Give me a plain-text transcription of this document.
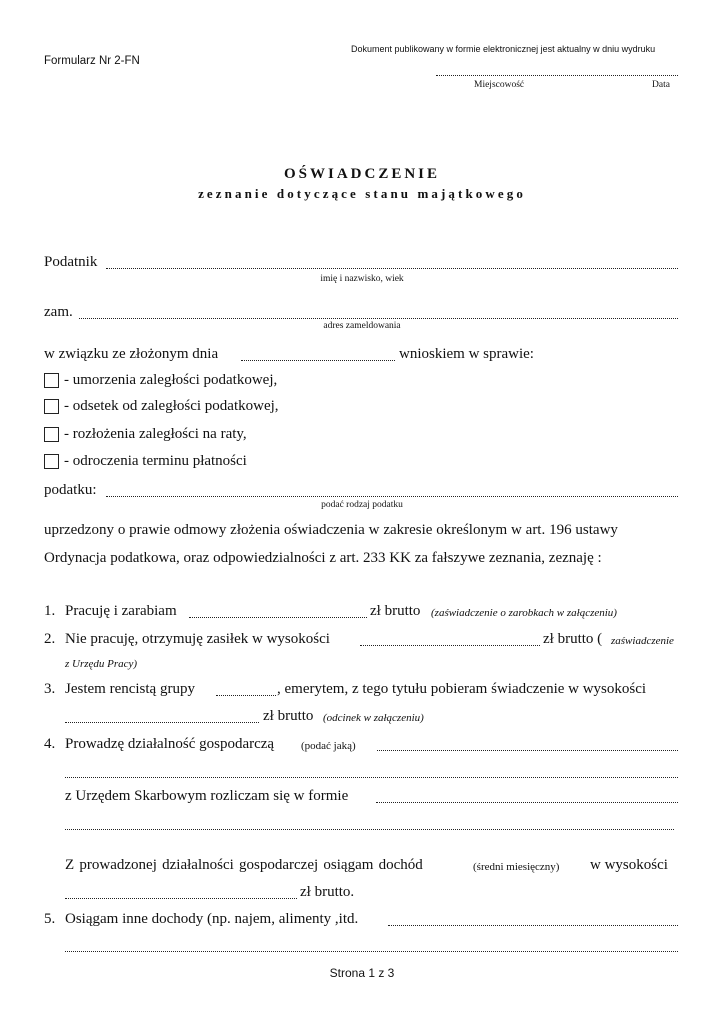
Dokument publikowany w formie elektronicznej jest aktualny w dniu wydruku
Formularz Nr 2-FN
Miejscowość	Data
OŚWIADCZENIE
zeznanie dotyczące stanu majątkowego
Podatnik
imię i nazwisko, wiek
zam.
adres zameldowania
w związku ze złożonym dnia	wnioskiem w sprawie:
- umorzenia zaległości podatkowej,
- odsetek od zaległości podatkowej,
- rozłożenia zaległości na raty,
- odroczenia terminu płatności
podatku:
podać rodzaj podatku
uprzedzony o prawie odmowy złożenia oświadczenia w zakresie określonym w art. 196 ustawy
Ordynacja podatkowa, oraz odpowiedzialności z art. 233 KK za fałszywe zeznania, zeznaję :
1. Pracuję i zarabiam	zł brutto (zaświadczenie o zarobkach w załączeniu)
2. Nie pracuję, otrzymuję zasiłek w wysokości	zł brutto ( zaświadczenie
z Urzędu Pracy)
3. Jestem rencistą grupy	, emerytem, z tego tytułu pobieram świadczenie w wysokości
zł brutto (odcinek w załączeniu)
4. Prowadzę działalność gospodarczą (podać jaką)
z Urzędem Skarbowym rozliczam się w formie
Z prowadzonej działalności gospodarczej osiągam dochód	(średni miesięczny) w wysokości
zł brutto.
5. Osiągam inne dochody (np. najem, alimenty ,itd.
Strona 1 z 3
